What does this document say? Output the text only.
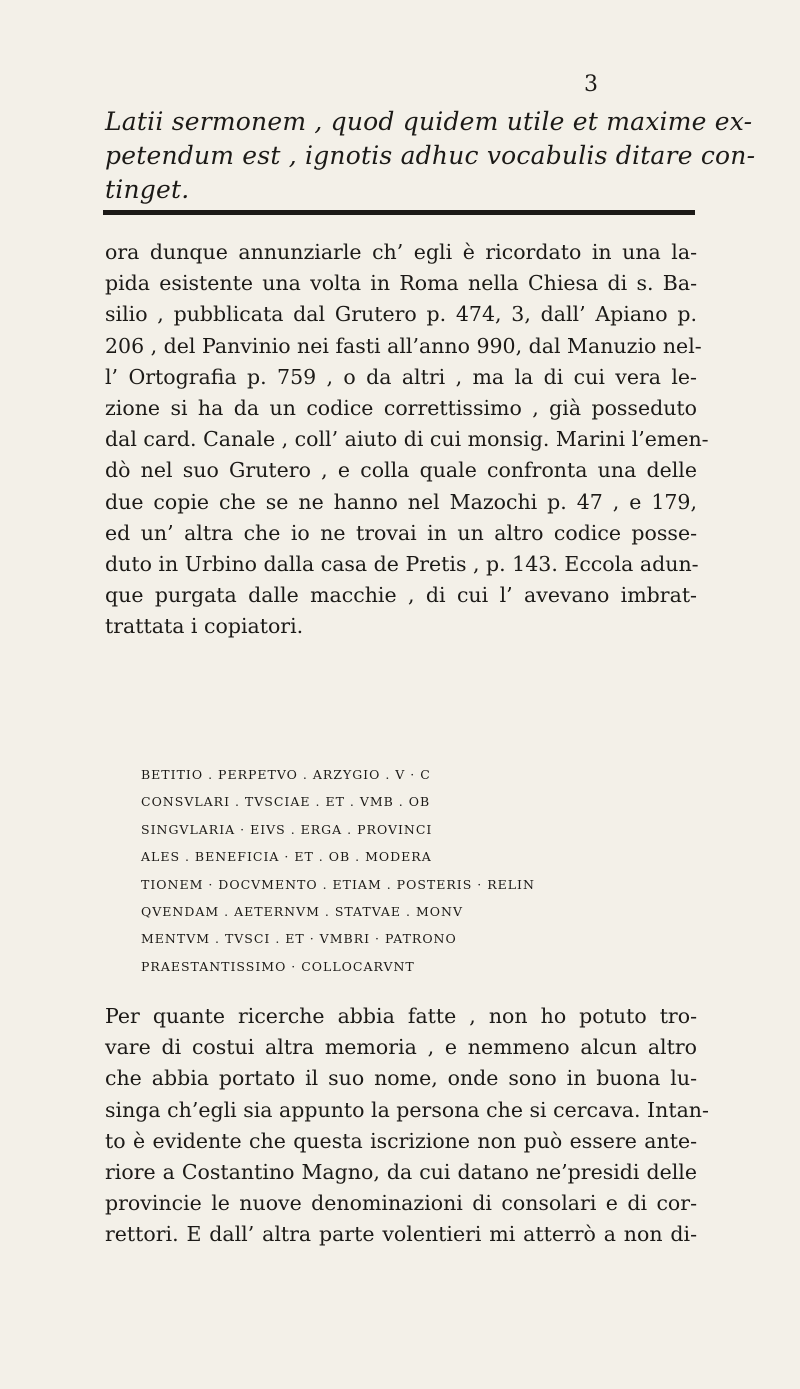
3
Latii sermonem , quod quidem utile et maxime ex-
petendum est , ignotis adhuc vocabulis ditare con-
tinget.
ora dunque annunziarle ch’ egli è ricordato in una la-
pida esistente una volta in Roma nella Chiesa di s. Ba-
silio , pubblicata dal Grutero p. 474, 3, dall’ Apiano p.
206 , del Panvinio nei fasti all’anno 990, dal Manuzio nel-
l’ Ortografia p. 759 , o da altri , ma la di cui vera le-
zione si ha da un codice correttissimo , già posseduto
dal card. Canale , coll’ aiuto di cui monsig. Marini l’emen-
dò nel suo Grutero , e colla quale confronta una delle
due copie che se ne hanno nel Mazochi p. 47 , e 179,
ed un’ altra che io ne trovai in un altro codice posse-
duto in Urbino dalla casa de Pretis , p. 143. Eccola adun-
que purgata dalle macchie , di cui l’ avevano imbrat-
trattata i copiatori.
BETITIO . PERPETVO . ARZYGIO . V · C
CONSVLARI . TVSCIAE . ET . VMB . OB
SINGVLARIA · EIVS . ERGA . PROVINCI
ALES . BENEFICIA · ET . OB . MODERA
TIONEM · DOCVMENTO . ETIAM . POSTERIS · RELIN
QVENDAM . AETERNVM . STATVAE . MONV
MENTVM . TVSCI . ET · VMBRI · PATRONO
PRAESTANTISSIMO · COLLOCARVNT
Per quante ricerche abbia fatte , non ho potuto tro-
vare di costui altra memoria , e nemmeno alcun altro
che abbia portato il suo nome, onde sono in buona lu-
singa ch’egli sia appunto la persona che si cercava. Intan-
to è evidente che questa iscrizione non può essere ante-
riore a Costantino Magno, da cui datano ne’presidi delle
provincie le nuove denominazioni di consolari e di cor-
rettori. E dall’ altra parte volentieri mi atterrò a non di-
